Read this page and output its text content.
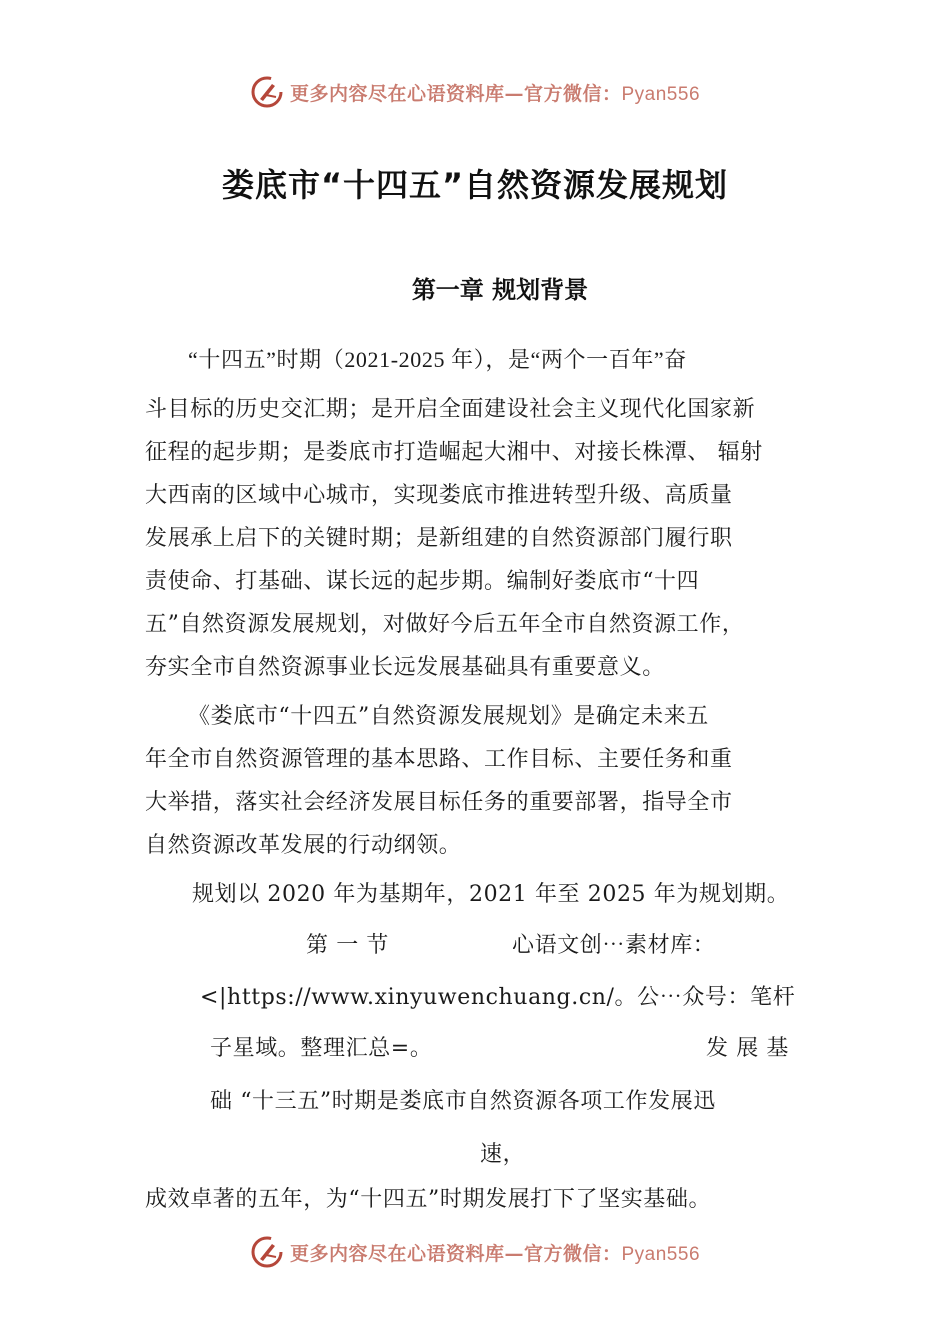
更多内容尽在心语资料库—官方微信：Pyan556
娄底市“十四五”自然资源发展规划
第一章 规划背景
“十四五”时期（2021-2025 年），是“两个一百年”奋
斗目标的历史交汇期；是开启全面建设社会主义现代化国家新
征程的起步期；是娄底市打造崛起大湘中、对接长株潭、 辐射
大西南的区域中心城市，实现娄底市推进转型升级、高质量
发展承上启下的关键时期；是新组建的自然资源部门履行职
责使命、打基础、谋长远的起步期。编制好娄底市“十四
五”自然资源发展规划，对做好今后五年全市自然资源工作，
夯实全市自然资源事业长远发展基础具有重要意义。
《娄底市“十四五”自然资源发展规划》是确定未来五
年全市自然资源管理的基本思路、工作目标、主要任务和重
大举措，落实社会经济发展目标任务的重要部署，指导全市
自然资源改革发展的行动纲领。
规划以 2020 年为基期年，2021 年至 2025 年为规划期。
第 一 节	心语文创⋯素材库：
<|https://www.xinyuwenchuang.cn/。公⋯众号：笔杆
子星域。整理汇总=。	发 展 基
础 “十三五”时期是娄底市自然资源各项工作发展迅
速，
成效卓著的五年，为“十四五”时期发展打下了坚实基础。
更多内容尽在心语资料库—官方微信：Pyan556
